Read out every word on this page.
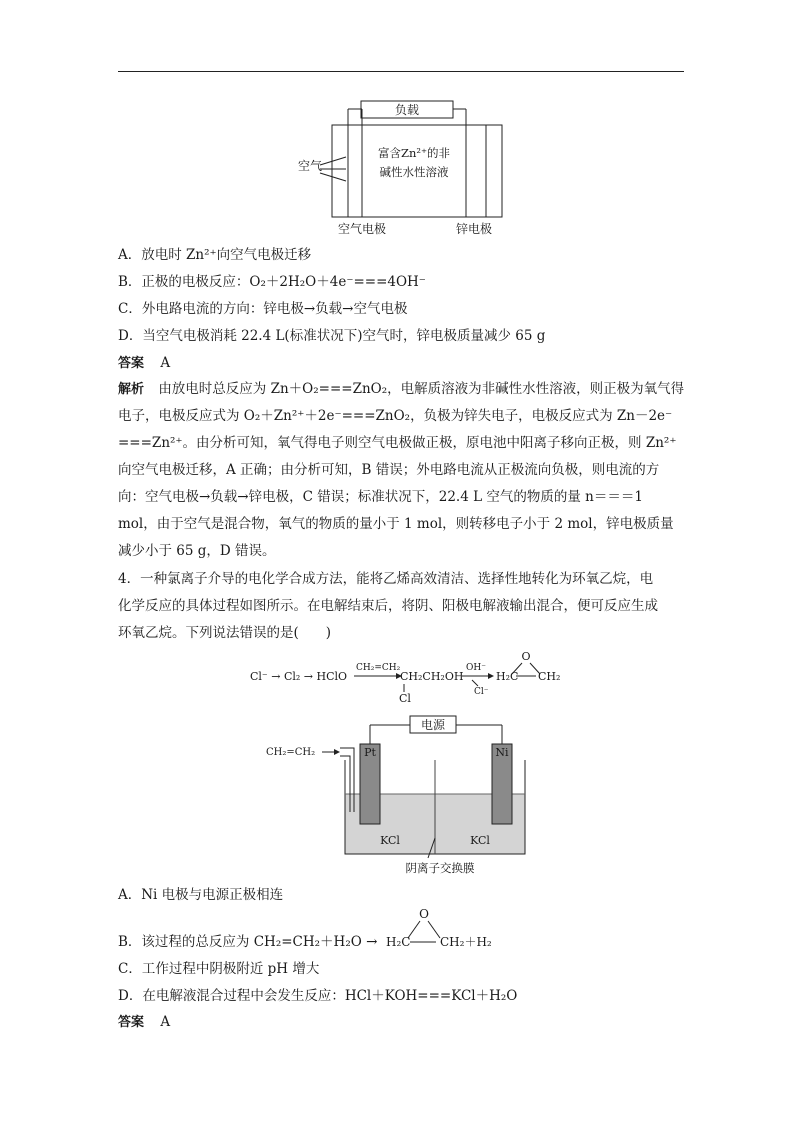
负载
空气
富含Zn²⁺的非
碱性水性溶液
空气电极	锌电极
A．放电时 Zn²⁺向空气电极迁移
B．正极的电极反应：O₂＋2H₂O＋4e⁻===4OH⁻
C．外电路电流的方向：锌电极→负载→空气电极
D．当空气电极消耗 22.4 L(标准状况下)空气时，锌电极质量减少 65 g
答案 A
解析 由放电时总反应为 Zn＋O₂===ZnO₂，电解质溶液为非碱性水性溶液，则正极为氧气得
电子，电极反应式为 O₂＋Zn²⁺＋2e⁻===ZnO₂，负极为锌失电子，电极反应式为 Zn－2e⁻
===Zn²⁺。由分析可知，氧气得电子则空气电极做正极，原电池中阳离子移向正极，则 Zn²⁺
向空气电极迁移，A 正确；由分析可知，B 错误；外电路电流从正极流向负极，则电流的方
向：空气电极→负载→锌电极，C 错误；标准状况下，22.4 L 空气的物质的量 n＝＝＝1
mol，由于空气是混合物，氧气的物质的量小于 1 mol，则转移电子小于 2 mol，锌电极质量
减少小于 65 g，D 错误。
4．一种氯离子介导的电化学合成方法，能将乙烯高效清洁、选择性地转化为环氧乙烷，电
化学反应的具体过程如图所示。在电解结束后，将阴、阳极电解液输出混合，便可反应生成
环氧乙烷。下列说法错误的是(　　)
Cl⁻ → Cl₂ → HClO
CH₂=CH₂
CH₂CH₂OH
Cl
OH⁻
Cl⁻
O
H₂C CH₂
电源
Pt	Ni
CH₂=CH₂
KCl	KCl
阴离子交换膜
A．Ni 电极与电源正极相连
B．该过程的总反应为 CH₂=CH₂＋H₂O →
O
H₂C CH₂＋H₂
C．工作过程中阴极附近 pH 增大
D．在电解液混合过程中会发生反应：HCl＋KOH===KCl＋H₂O
答案 A
